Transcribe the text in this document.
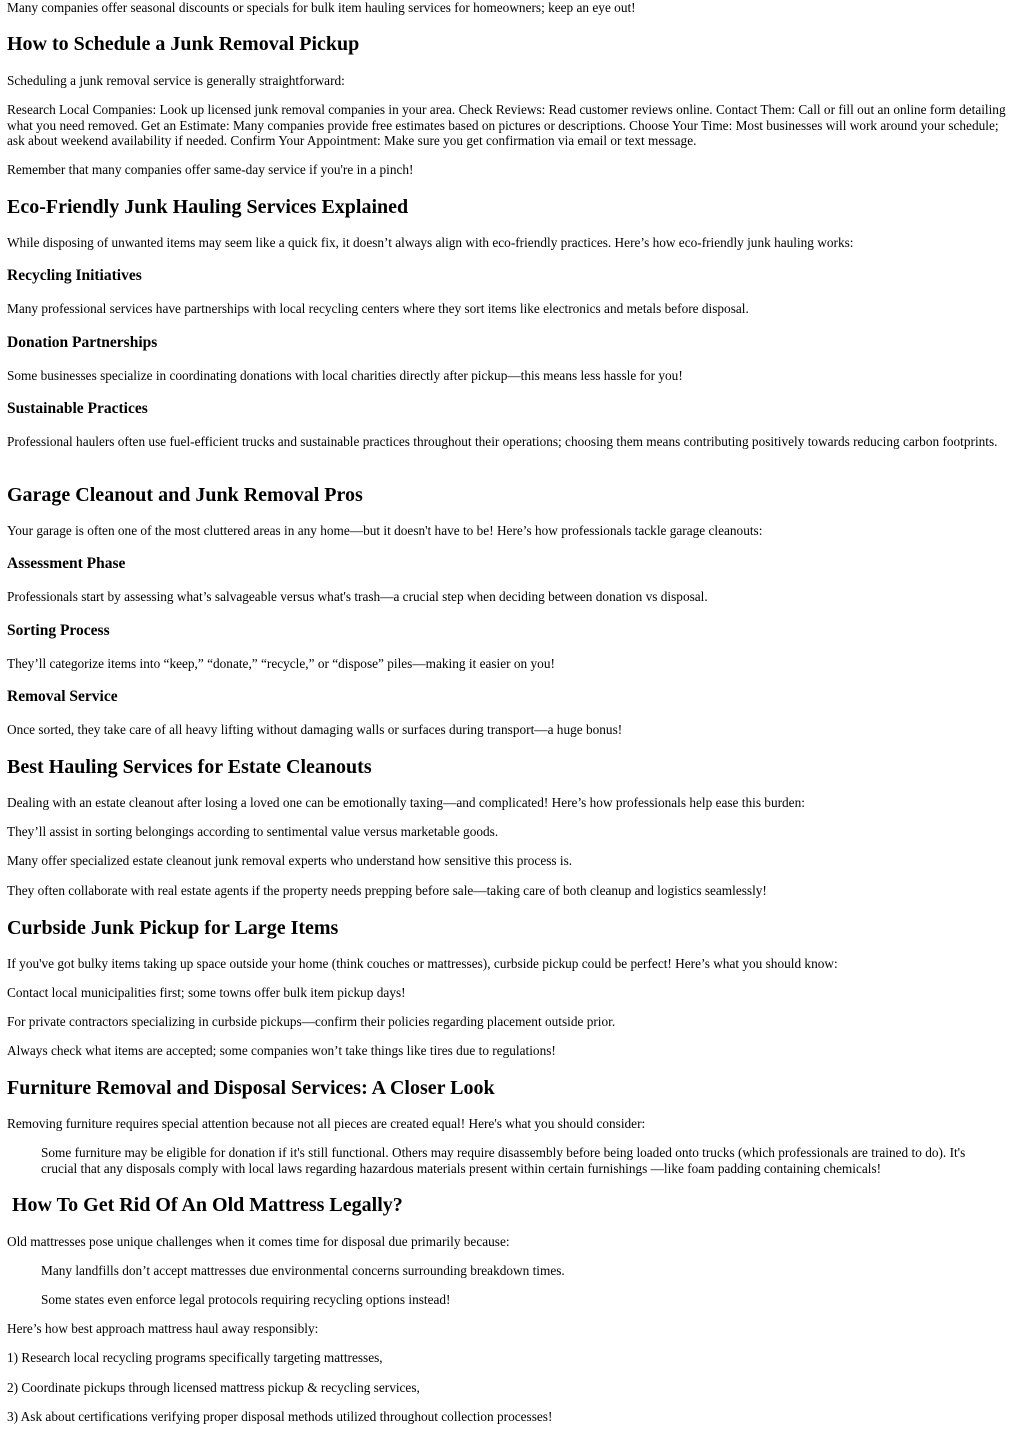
Many companies offer seasonal discounts or specials for bulk item hauling services for homeowners; keep an eye out!

How to Schedule a Junk Removal Pickup

Scheduling a junk removal service is generally straightforward:

Research Local Companies: Look up licensed junk removal companies in your area. Check Reviews: Read customer reviews online. Contact Them: Call or fill out an online form detailing what you need removed. Get an Estimate: Many companies provide free estimates based on pictures or descriptions. Choose Your Time: Most businesses will work around your schedule; ask about weekend availability if needed. Confirm Your Appointment: Make sure you get confirmation via email or text message.

Remember that many companies offer same-day service if you're in a pinch!

Eco-Friendly Junk Hauling Services Explained

While disposing of unwanted items may seem like a quick fix, it doesn’t always align with eco-friendly practices. Here’s how eco-friendly junk hauling works:

Recycling Initiatives

Many professional services have partnerships with local recycling centers where they sort items like electronics and metals before disposal.

Donation Partnerships

Some businesses specialize in coordinating donations with local charities directly after pickup—this means less hassle for you!

Sustainable Practices

Professional haulers often use fuel-efficient trucks and sustainable practices throughout their operations; choosing them means contributing positively towards reducing carbon footprints.

Garage Cleanout and Junk Removal Pros

Your garage is often one of the most cluttered areas in any home—but it doesn't have to be! Here’s how professionals tackle garage cleanouts:

Assessment Phase

Professionals start by assessing what’s salvageable versus what's trash—a crucial step when deciding between donation vs disposal.

Sorting Process

They’ll categorize items into “keep,” “donate,” “recycle,” or “dispose” piles—making it easier on you!

Removal Service

Once sorted, they take care of all heavy lifting without damaging walls or surfaces during transport—a huge bonus!

Best Hauling Services for Estate Cleanouts

Dealing with an estate cleanout after losing a loved one can be emotionally taxing—and complicated! Here’s how professionals help ease this burden:

They’ll assist in sorting belongings according to sentimental value versus marketable goods.

Many offer specialized estate cleanout junk removal experts who understand how sensitive this process is.

They often collaborate with real estate agents if the property needs prepping before sale—taking care of both cleanup and logistics seamlessly!

Curbside Junk Pickup for Large Items

If you've got bulky items taking up space outside your home (think couches or mattresses), curbside pickup could be perfect! Here’s what you should know:

Contact local municipalities first; some towns offer bulk item pickup days!

For private contractors specializing in curbside pickups—confirm their policies regarding placement outside prior.

Always check what items are accepted; some companies won’t take things like tires due to regulations!

Furniture Removal and Disposal Services: A Closer Look

Removing furniture requires special attention because not all pieces are created equal! Here's what you should consider:

Some furniture may be eligible for donation if it's still functional. Others may require disassembly before being loaded onto trucks (which professionals are trained to do). It's crucial that any disposals comply with local laws regarding hazardous materials present within certain furnishings —like foam padding containing chemicals!

How To Get Rid Of An Old Mattress Legally?

Old mattresses pose unique challenges when it comes time for disposal due primarily because:

Many landfills don’t accept mattresses due environmental concerns surrounding breakdown times.

Some states even enforce legal protocols requiring recycling options instead!

Here’s how best approach mattress haul away responsibly:

1) Research local recycling programs specifically targeting mattresses,

2) Coordinate pickups through licensed mattress pickup & recycling services,

3) Ask about certifications verifying proper disposal methods utilized throughout collection processes!
